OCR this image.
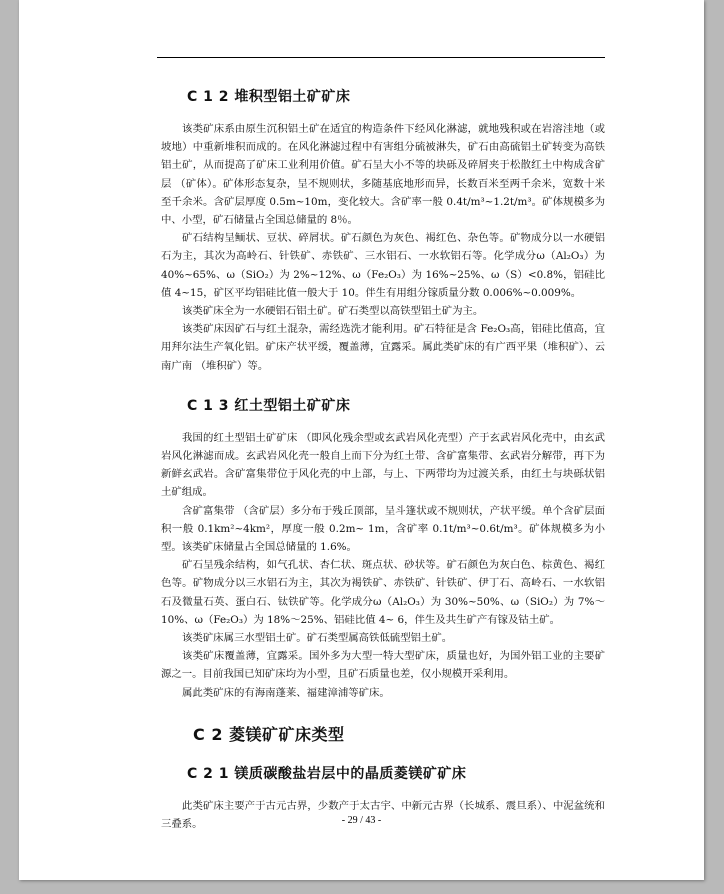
C 1 2 堆积型铝土矿矿床

该类矿床系由原生沉积铝土矿在适宜的构造条件下经风化淋滤，就地残积或在岩溶洼地（或坡地）中重新堆积而成的。在风化淋滤过程中有害组分硫被淋失，矿石由高硫铝土矿转变为高铁铝土矿，从而提高了矿床工业利用价值。矿石呈大小不等的块砾及碎屑夹于松散红土中构成含矿层 （矿体）。矿体形态复杂，呈不规则状，多随基底地形而异，长数百米至两千余米，宽数十米至千余米。含矿层厚度 0.5m~10m，变化较大。含矿率一般 0.4t/m³~1.2t/m³。矿体规模多为中、小型，矿石储量占全国总储量的 8％。

矿石结构呈鲕状、豆状、碎屑状。矿石颜色为灰色、褐红色、杂色等。矿物成分以一水硬铝石为主，其次为高岭石、针铁矿、赤铁矿、三水铝石、一水软铝石等。化学成分ω（Al₂O₃）为 40%~65%、ω（SiO₂）为 2%~12%、ω（Fe₂O₃）为 16%~25%、ω（S）<0.8%，铝硅比值 4~15，矿区平均铝硅比值一般大于 10。伴生有用组分镓质量分数 0.006%~0.009%。

该类矿床全为一水硬铝石铝土矿。矿石类型以高铁型铝土矿为主。

该类矿床因矿石与红土混杂，需经选洗才能利用。矿石特征是含 Fe₂O₃高，铝硅比值高，宜用拜尔法生产氧化铝。矿床产状平缓，覆盖薄，宜露采。属此类矿床的有广西平果（堆积矿）、云南广南 （堆积矿）等。

C 1 3 红土型铝土矿矿床

我国的红土型铝土矿矿床 （即风化残余型或玄武岩风化壳型）产于玄武岩风化壳中，由玄武岩风化淋滤而成。玄武岩风化壳一般自上而下分为红土带、含矿富集带、玄武岩分解带，再下为新鲜玄武岩。含矿富集带位于风化壳的中上部，与上、下两带均为过渡关系，由红土与块砾状铝土矿组成。

含矿富集带 （含矿层）多分布于残丘顶部，呈斗篷状或不规则状，产状平缓。单个含矿层面积一般 0.1km²~4km²，厚度一般 0.2m~ 1m，含矿率 0.1t/m³~0.6t/m³。矿体规模多为小型。该类矿床储量占全国总储量的 1.6%。

矿石呈残余结构，如气孔状、杏仁状、斑点状、砂状等。矿石颜色为灰白色、棕黄色、褐红色等。矿物成分以三水铝石为主，其次为褐铁矿、赤铁矿、针铁矿、伊丁石、高岭石、一水软铝石及微量石英、蛋白石、钛铁矿等。化学成分ω（Al₂O₃）为 30%~50%、ω（SiO₂）为 7%～10%、ω（Fe₂O₃）为 18%～25%、铝硅比值 4~ 6，伴生及共生矿产有镓及钴土矿。

该类矿床属三水型铝土矿。矿石类型属高铁低硫型铝土矿。

该类矿床覆盖薄，宜露采。国外多为大型一特大型矿床，质量也好，为国外铝工业的主要矿源之一。目前我国已知矿床均为小型，且矿石质量也差，仅小规模开采利用。

属此类矿床的有海南蓬莱、福建漳浦等矿床。

C 2 菱镁矿矿床类型
C 2 1 镁质碳酸盐岩层中的晶质菱镁矿矿床

此类矿床主要产于古元古界，少数产于太古宇、中新元古界（长城系、震旦系）、中泥盆统和三叠系。	- 29 / 43 -
